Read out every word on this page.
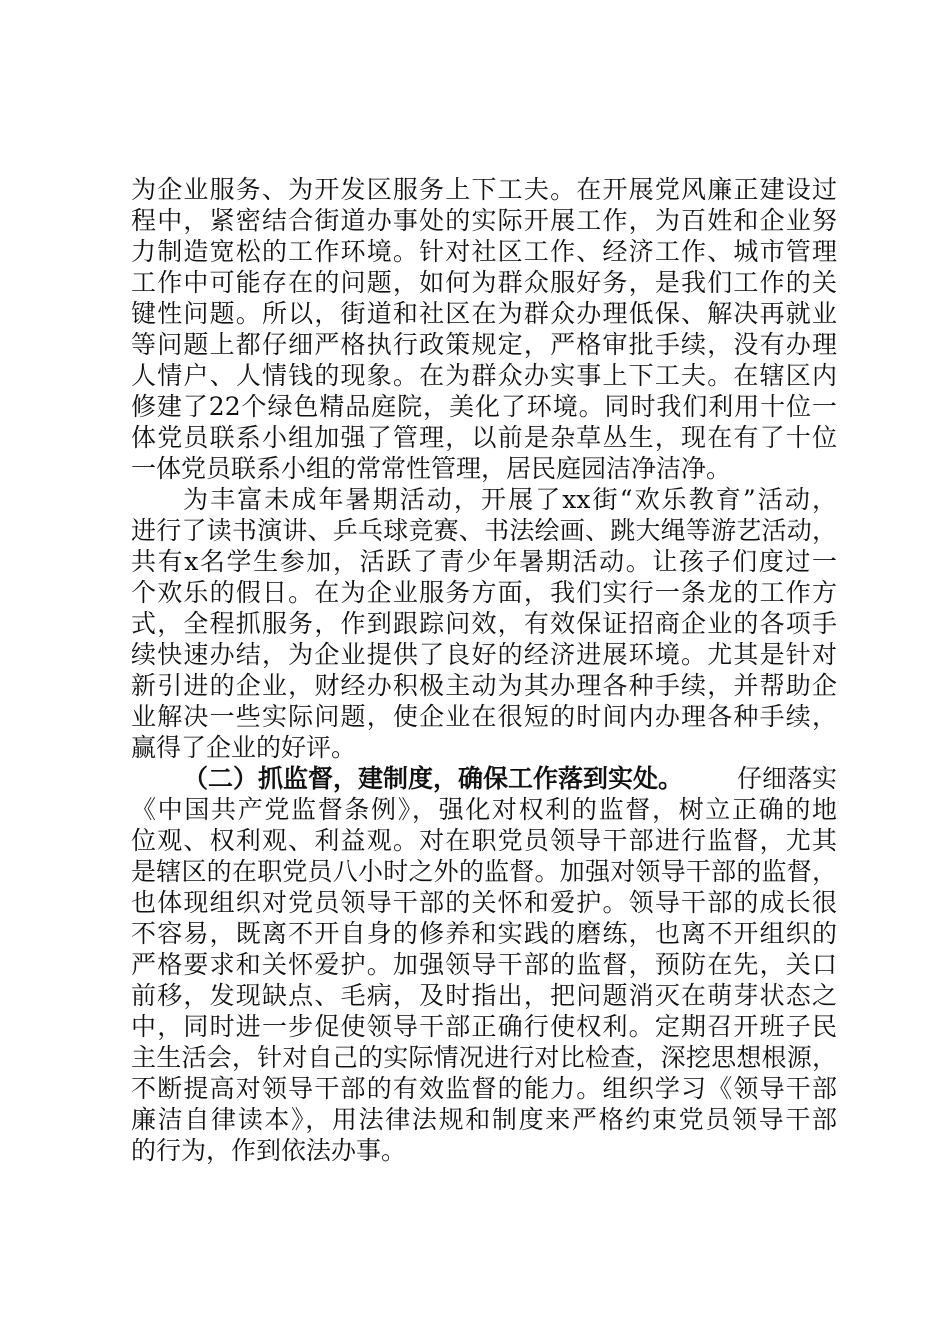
为企业服务、为开发区服务上下工夫。在开展党风廉正建设过
程中，紧密结合街道办事处的实际开展工作，为百姓和企业努
力制造宽松的工作环境。针对社区工作、经济工作、城市管理
工作中可能存在的问题，如何为群众服好务，是我们工作的关
键性问题。所以，街道和社区在为群众办理低保、解决再就业
等问题上都仔细严格执行政策规定，严格审批手续，没有办理
人情户、人情钱的现象。在为群众办实事上下工夫。在辖区内
修建了22个绿色精品庭院，美化了环境。同时我们利用十位一
体党员联系小组加强了管理，以前是杂草丛生，现在有了十位
一体党员联系小组的常常性管理，居民庭园洁净洁净。
为丰富未成年暑期活动，开展了xx街“欢乐教育”活动，
进行了读书演讲、乒乓球竞赛、书法绘画、跳大绳等游艺活动，
共有x名学生参加，活跃了青少年暑期活动。让孩子们度过一
个欢乐的假日。在为企业服务方面，我们实行一条龙的工作方
式，全程抓服务，作到跟踪问效，有效保证招商企业的各项手
续快速办结，为企业提供了良好的经济进展环境。尤其是针对
新引进的企业，财经办积极主动为其办理各种手续，并帮助企
业解决一些实际问题，使企业在很短的时间内办理各种手续，
赢得了企业的好评。
（二）抓监督，建制度，确保工作落到实处。 仔细落实
《中国共产党监督条例》，强化对权利的监督，树立正确的地
位观、权利观、利益观。对在职党员领导干部进行监督，尤其
是辖区的在职党员八小时之外的监督。加强对领导干部的监督，
也体现组织对党员领导干部的关怀和爱护。领导干部的成长很
不容易，既离不开自身的修养和实践的磨练，也离不开组织的
严格要求和关怀爱护。加强领导干部的监督，预防在先，关口
前移，发现缺点、毛病，及时指出，把问题消灭在萌芽状态之
中，同时进一步促使领导干部正确行使权利。定期召开班子民
主生活会，针对自己的实际情况进行对比检查，深挖思想根源，
不断提高对领导干部的有效监督的能力。组织学习《领导干部
廉洁自律读本》，用法律法规和制度来严格约束党员领导干部
的行为，作到依法办事。
